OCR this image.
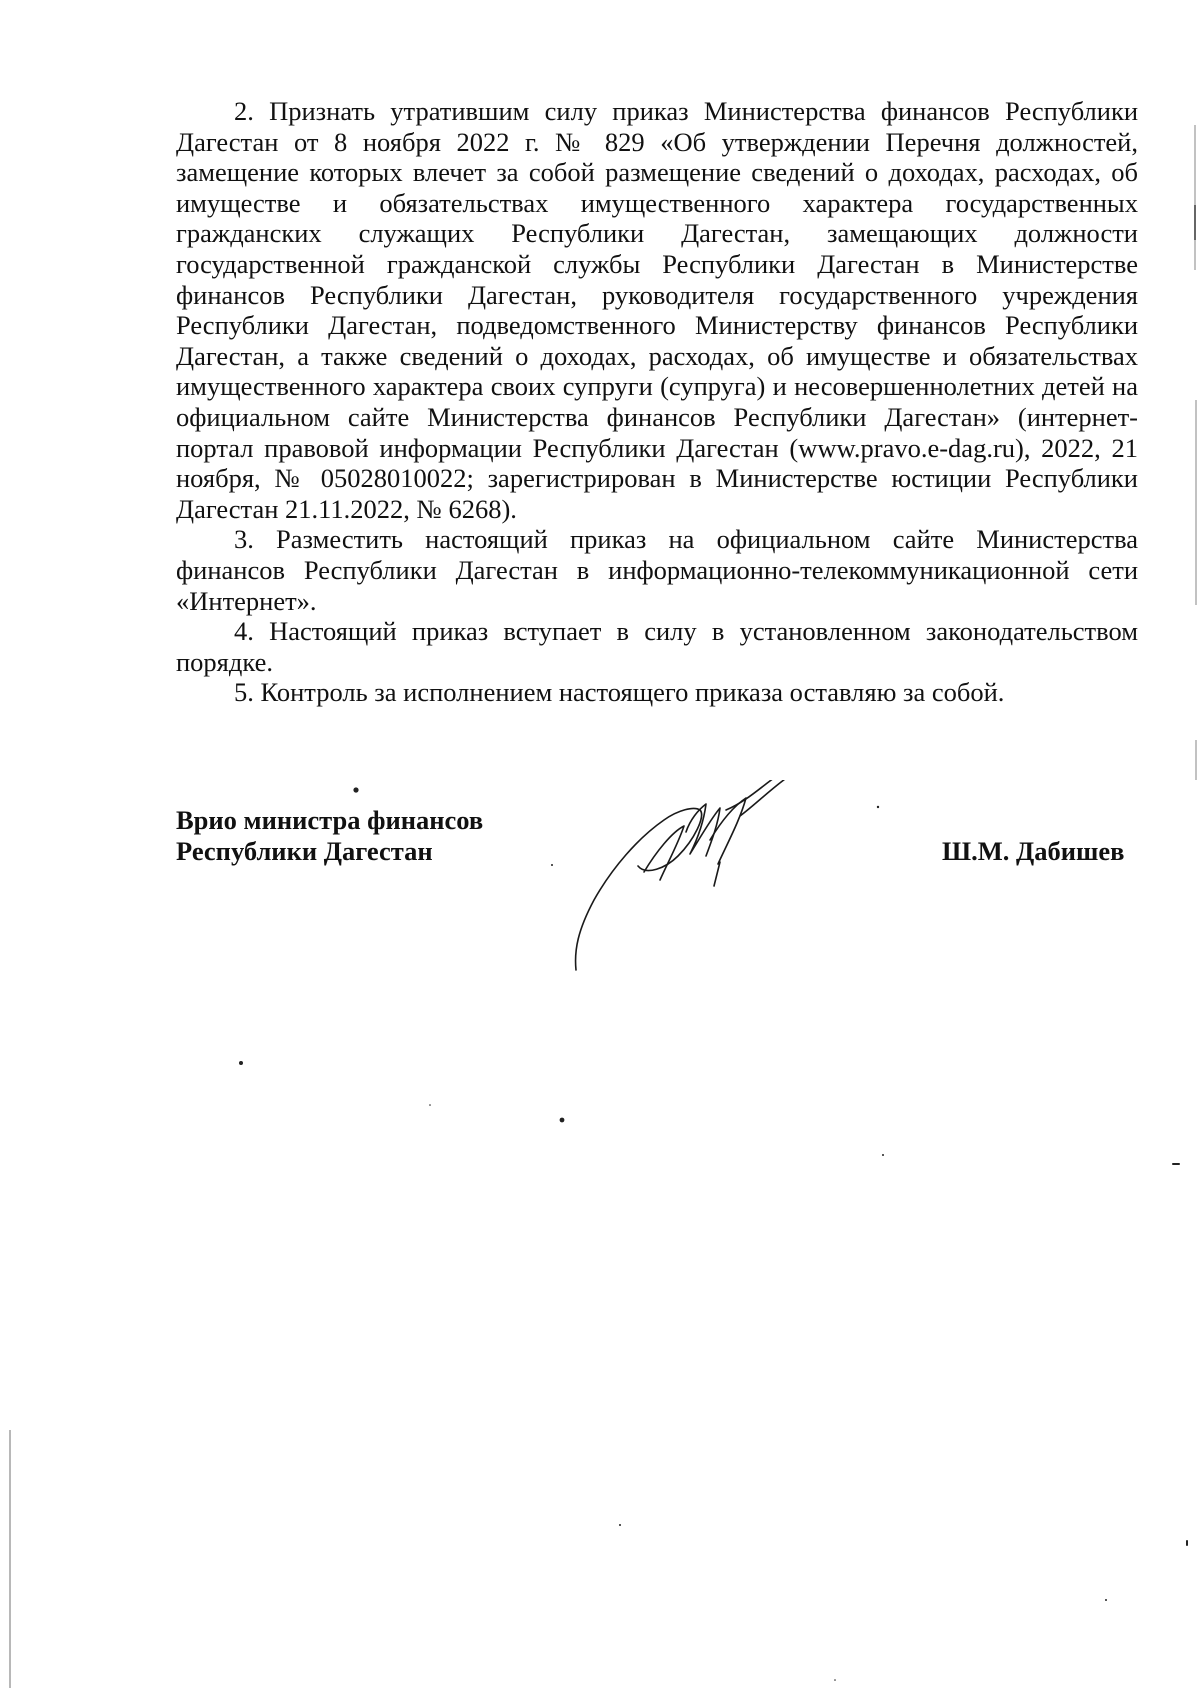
2. Признать утратившим силу приказ Министерства финансов Республики Дагестан от 8 ноября 2022 г. № 829 «Об утверждении Перечня должностей, замещение которых влечет за собой размещение сведений о доходах, расходах, об имуществе и обязательствах имущественного характера государственных гражданских служащих Республики Дагестан, замещающих должности государственной гражданской службы Республики Дагестан в Министерстве финансов Республики Дагестан, руководителя государственного учреждения Республики Дагестан, подведомственного Министерству финансов Республики Дагестан, а также сведений о доходах, расходах, об имуществе и обязательствах имущественного характера своих супруги (супруга) и несовершеннолетних детей на официальном сайте Министерства финансов Республики Дагестан» (интернет-портал правовой информации Республики Дагестан (www.pravo.e-dag.ru), 2022, 21 ноября, № 05028010022; зарегистрирован в Министерстве юстиции Республики Дагестан 21.11.2022, № 6268).

3. Разместить настоящий приказ на официальном сайте Министерства финансов Республики Дагестан в информационно-телекоммуникационной сети «Интернет».

4. Настоящий приказ вступает в силу в установленном законодательством порядке.

5. Контроль за исполнением настоящего приказа оставляю за собой.

Врио министра финансов
Республики Дагестан	Ш.М. Дабишев
